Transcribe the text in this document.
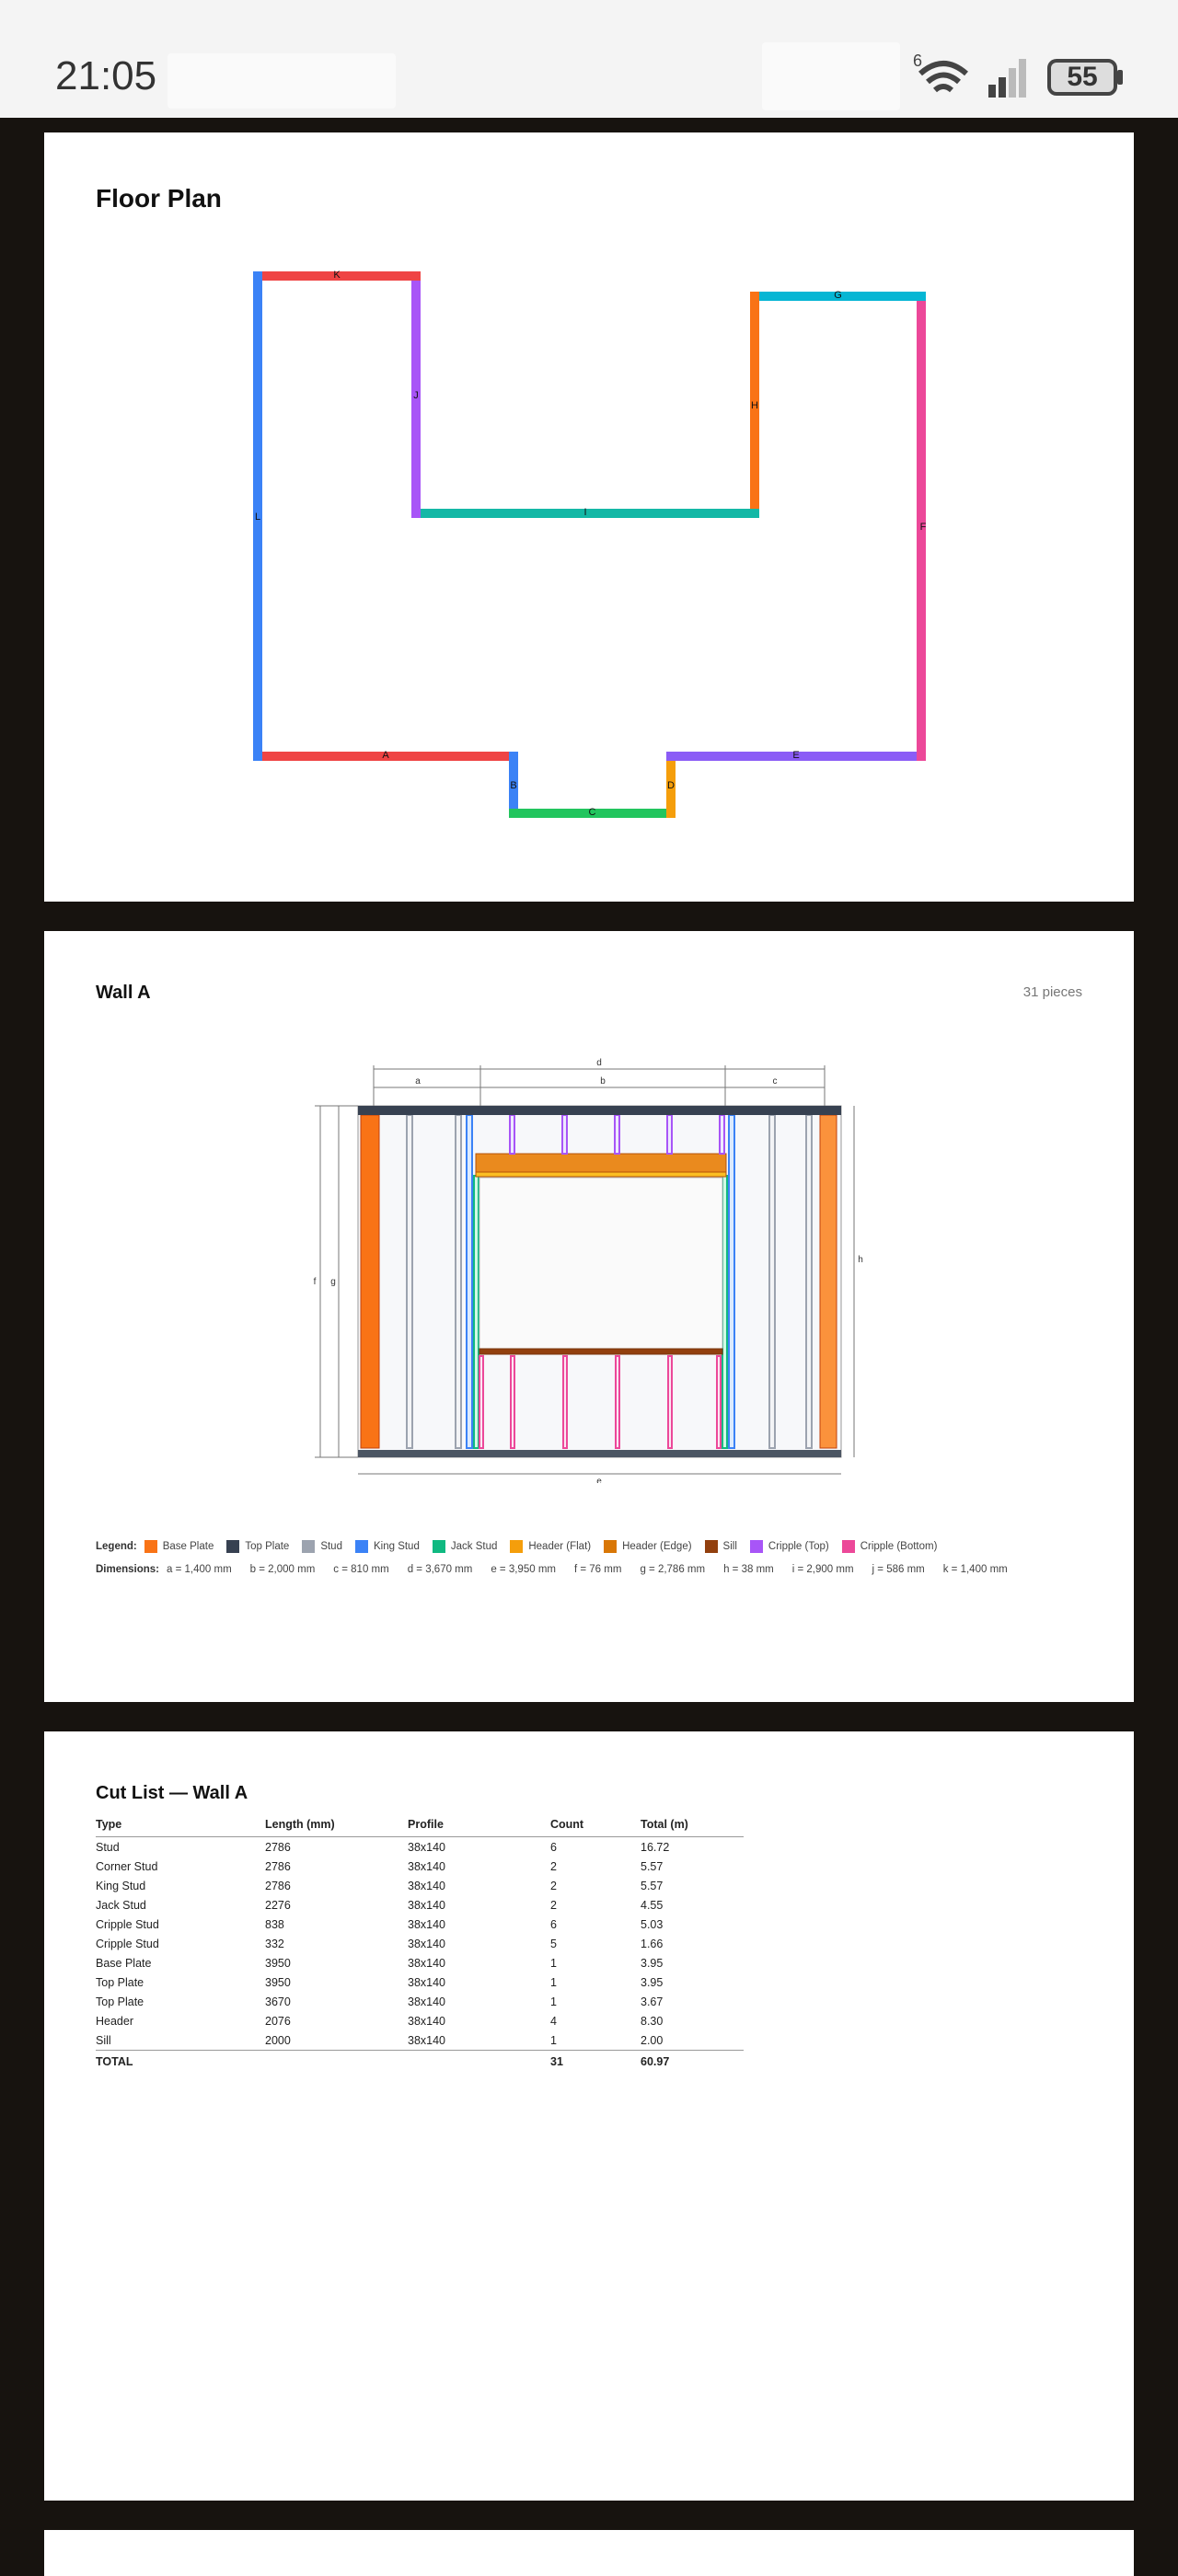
21:05	6
55
Floor Plan
A
B
C
D
E
F
G
H
I
J
K
L
Wall A	31 pieces
d
a	b	c
e
f g
h
Legend: Base Plate	Top Plate	Stud	King Stud	Jack Stud	Header (Flat)	Header (Edge)	Sill	Cripple (Top)	Cripple (Bottom)
Dimensions: a = 1,400 mm b = 2,000 mm c = 810 mm d = 3,670 mm e = 3,950 mm f = 76 mm g = 2,786 mm h = 38 mm i = 2,900 mm j = 586 mm k = 1,400 mm
Cut List — Wall A
Type	Length (mm)	Profile	Count	Total (m)
Stud	2786	38x140	6	16.72
Corner Stud	2786	38x140	2	5.57
King Stud	2786	38x140	2	5.57
Jack Stud	2276	38x140	2	4.55
Cripple Stud	838	38x140	6	5.03
Cripple Stud	332	38x140	5	1.66
Base Plate	3950	38x140	1	3.95
Top Plate	3950	38x140	1	3.95
Top Plate	3670	38x140	1	3.67
Header	2076	38x140	4	8.30
Sill	2000	38x140	1	2.00
TOTAL			31	60.97
